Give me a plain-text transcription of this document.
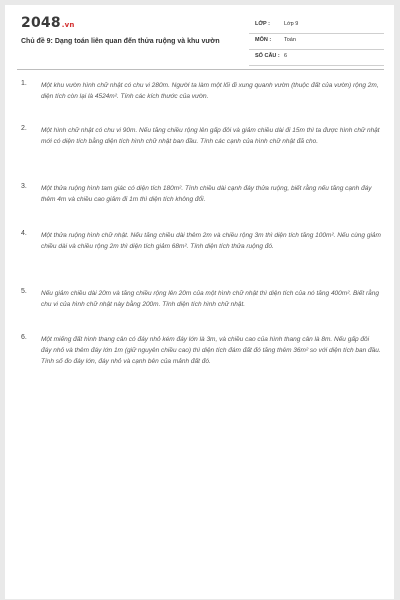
2048.vn
Chủ đề 9: Dạng toán liên quan đến thửa ruộng và khu vườn
LỚP :	Lớp 9
MÔN : Toán
SỐ CÂU : 6
1. Một khu vườn hình chữ nhật có chu vi 280m. Người ta làm một lối đi xung quanh vườn (thuộc đất của vườn) rộng 2m, diện tích còn lại là 4524m². Tính các kích thước của vườn.
2. Một hình chữ nhật có chu vi 90m. Nếu tăng chiều rộng lên gấp đôi và giảm chiều dài đi 15m thì ta được hình chữ nhật mới có diện tích bằng diện tích hình chữ nhật ban đầu. Tính các cạnh của hình chữ nhật đã cho.
3. Một thửa ruộng hình tam giác có diện tích 180m². Tính chiều dài cạnh đáy thửa ruộng, biết rằng nếu tăng cạnh đáy thêm 4m và chiều cao giảm đi 1m thì diện tích không đổi.
4. Một thửa ruộng hình chữ nhật. Nếu tăng chiều dài thêm 2m và chiều rộng 3m thì diện tích tăng 100m². Nếu cùng giảm chiều dài và chiều rộng 2m thì diện tích giảm 68m². Tính diện tích thửa ruộng đó.
5. Nếu giảm chiều dài 20m và tăng chiều rộng lên 20m của một hình chữ nhật thì diện tích của nó tăng 400m². Biết rằng chu vi của hình chữ nhật này bằng 200m. Tính diện tích hình chữ nhật.
6. Một miếng đất hình thang cân có đáy nhỏ kém đáy lớn là 3m, và chiều cao của hình thang cân là 8m. Nếu gấp đôi đáy nhỏ và thêm đáy lớn 1m (giữ nguyên chiều cao) thì diện tích đám đất đó tăng thêm 36m² so với diện tích ban đầu. Tính số đo đáy lớn, đáy nhỏ và cạnh bên của mảnh đất đó.
